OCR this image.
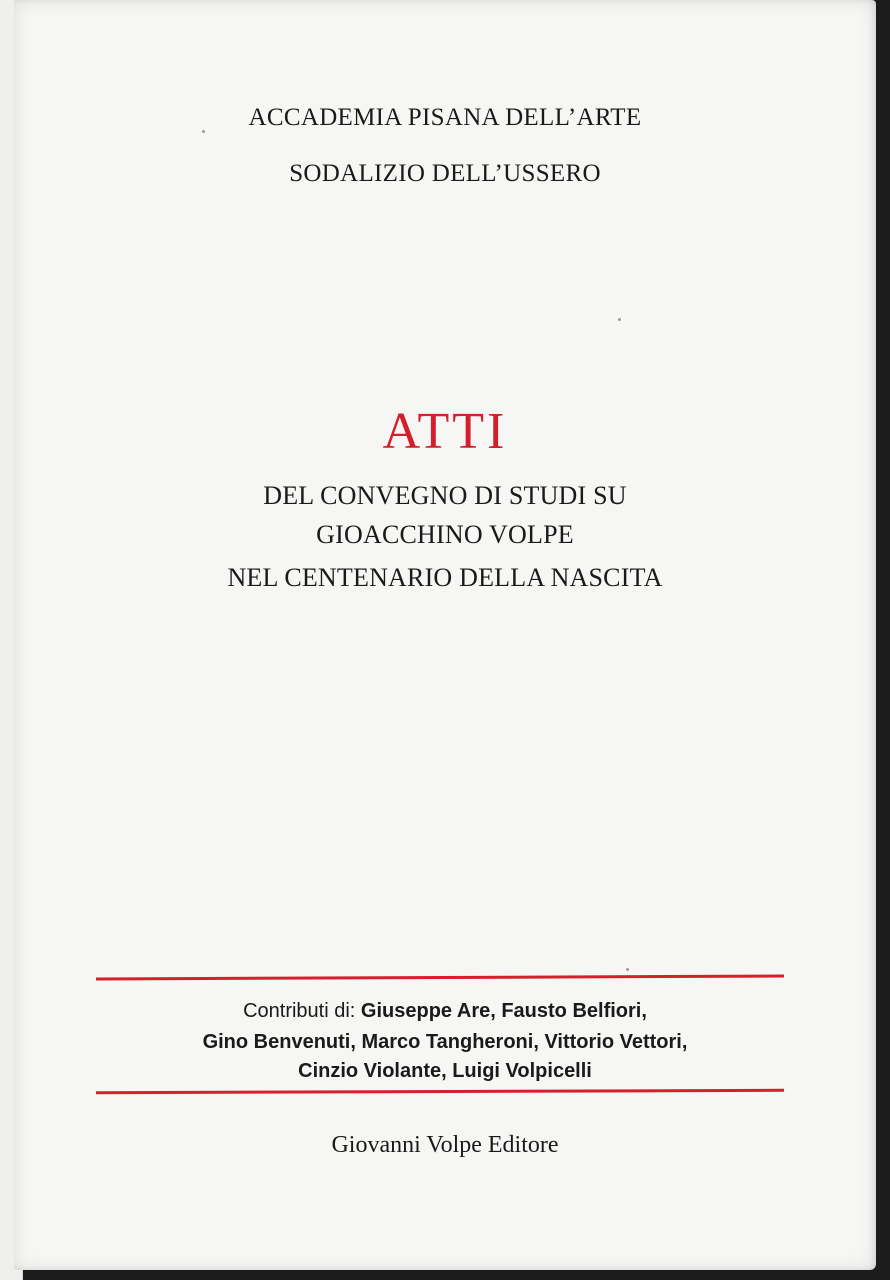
ACCADEMIA PISANA DELL’ARTE
SODALIZIO DELL’USSERO
ATTI
DEL CONVEGNO DI STUDI SU
GIOACCHINO VOLPE
NEL CENTENARIO DELLA NASCITA
Contributi di: Giuseppe Are, Fausto Belfiori,
Gino Benvenuti, Marco Tangheroni, Vittorio Vettori,
Cinzio Violante, Luigi Volpicelli
Giovanni Volpe Editore
